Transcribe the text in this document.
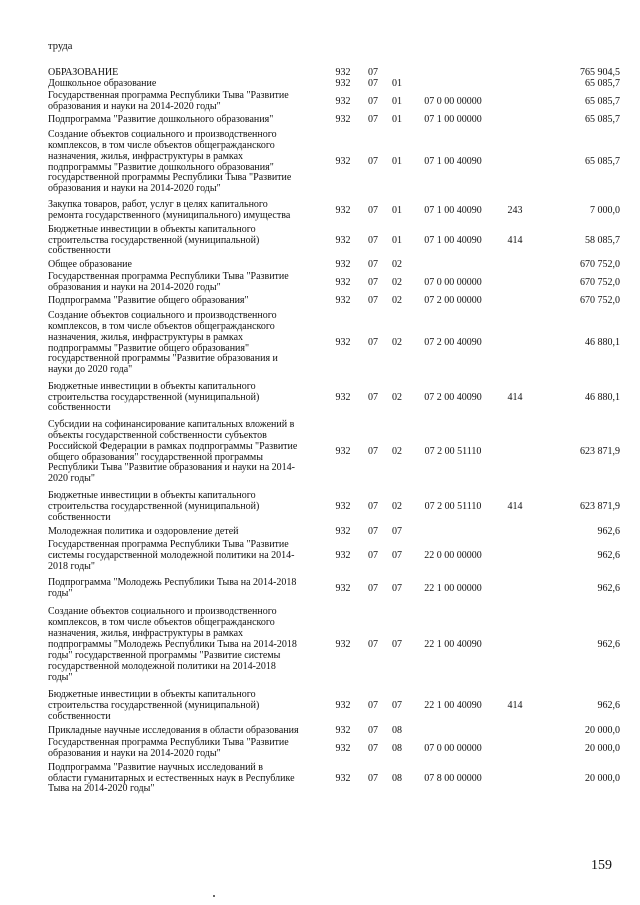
труда
ОБРАЗОВАНИЕ	932	07	765 904,5
Дошкольное образование	932	07	01	65 085,7
Государственная программа Республики Тыва "Развитие
образования и науки на 2014-2020 годы"	932	07	01	07 0 00 00000	65 085,7
Подпрограмма "Развитие дошкольного образования"	932	07	01	07 1 00 00000	65 085,7
Создание объектов социального и производственного
комплексов, в том числе объектов общегражданского
назначения, жилья, инфраструктуры в рамках
подпрограммы "Развитие дошкольного образования"
государственной программы Республики Тыва "Развитие
образования и науки на 2014-2020 годы"
932	07	01	07 1 00 40090	65 085,7
Закупка товаров, работ, услуг в целях капитального
ремонта государственного (муниципального) имущества	932	07	01	07 1 00 40090	243	7 000,0
Бюджетные инвестиции в объекты капитального
строительства государственной (муниципальной)
собственности
932	07	01	07 1 00 40090	414	58 085,7
Общее образование	932	07	02	670 752,0
Государственная программа Республики Тыва "Развитие
образования и науки на 2014-2020 годы"	932	07	02	07 0 00 00000	670 752,0
Подпрограмма "Развитие общего образования"	932	07	02	07 2 00 00000	670 752,0
Создание объектов социального и производственного
комплексов, в том числе объектов общегражданского
назначения, жилья, инфраструктуры в рамках
подпрограммы "Развитие общего образования"
государственной программы "Развитие образования и
науки до 2020 года"
932	07	02	07 2 00 40090	46 880,1
Бюджетные инвестиции в объекты капитального
строительства государственной (муниципальной)
собственности
932	07	02	07 2 00 40090	414	46 880,1
Субсидии на софинансирование капитальных вложений в
объекты государственной собственности субъектов
Российской Федерации в рамках подпрограммы "Развитие
общего образования" государственной программы
Республики Тыва "Развитие образования и науки на 2014-
2020 годы"
932	07	02	07 2 00 51110	623 871,9
Бюджетные инвестиции в объекты капитального
строительства государственной (муниципальной)
собственности
932	07	02	07 2 00 51110	414	623 871,9
Молодежная политика и оздоровление детей	932	07	07	962,6
Государственная программа Республики Тыва "Развитие
системы государственной молодежной политики на 2014-
2018 годы"
932	07	07	22 0 00 00000	962,6
Подпрограмма "Молодежь Республики Тыва на 2014-2018
годы"	932	07	07	22 1 00 00000	962,6
Создание объектов социального и производственного
комплексов, в том числе объектов общегражданского
назначения, жилья, инфраструктуры в рамках
подпрограммы "Молодежь Республики Тыва на 2014-2018
годы" государственной программы "Развитие системы
государственной молодежной политики на 2014-2018
годы"
932	07	07	22 1 00 40090	962,6
Бюджетные инвестиции в объекты капитального
строительства государственной (муниципальной)
собственности
932	07	07	22 1 00 40090	414	962,6
Прикладные научные исследования в области образования	932	07	08	20 000,0
Государственная программа Республики Тыва "Развитие
образования и науки на 2014-2020 годы"	932	07	08	07 0 00 00000	20 000,0
Подпрограмма "Развитие научных исследований в
области гуманитарных и естественных наук в Республике
Тыва на 2014-2020 годы"
932	07	08	07 8 00 00000	20 000,0
159
